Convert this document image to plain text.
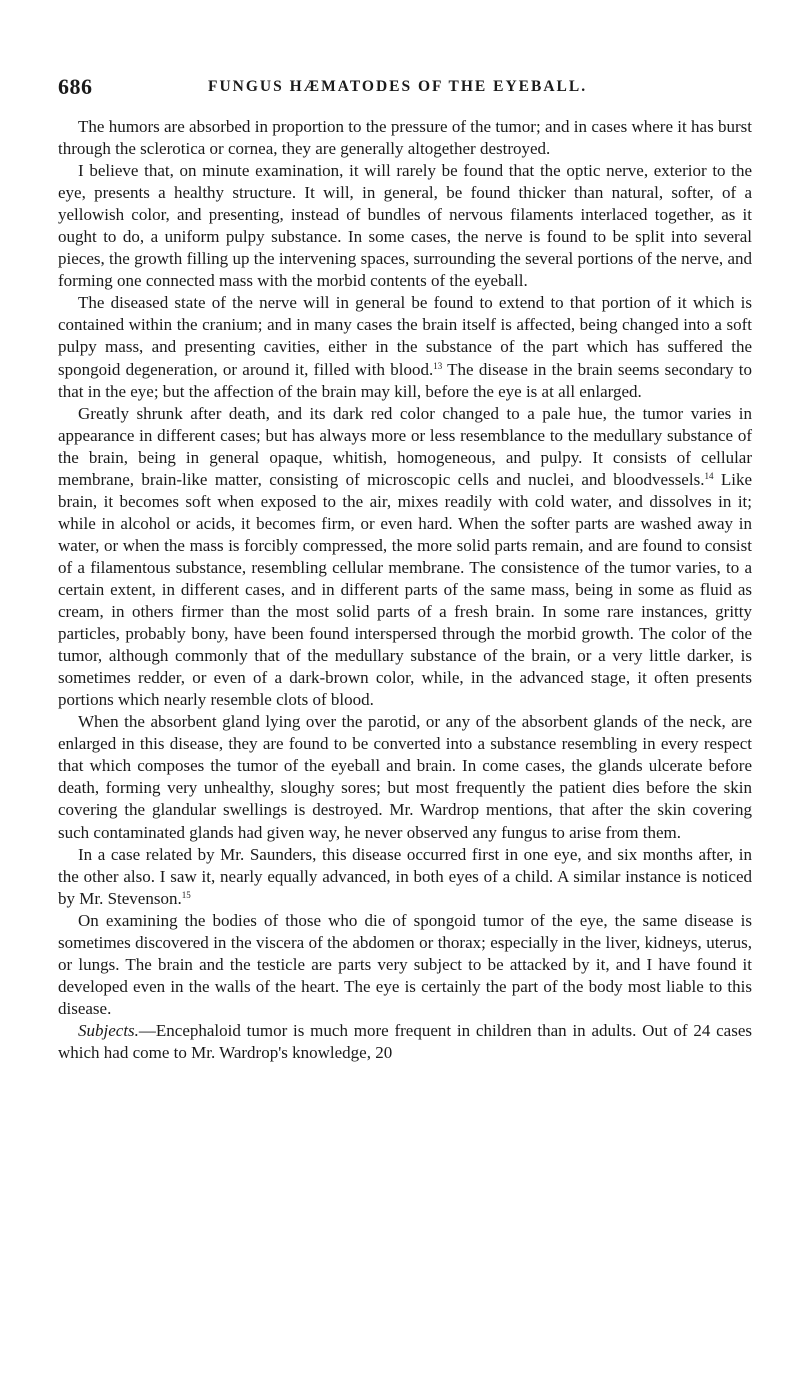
686	FUNGUS HÆMATODES OF THE EYEBALL.

The humors are absorbed in proportion to the pressure of the tumor; and in cases where it has burst through the sclerotica or cornea, they are generally altogether destroyed.

I believe that, on minute examination, it will rarely be found that the optic nerve, exterior to the eye, presents a healthy structure. It will, in general, be found thicker than natural, softer, of a yellowish color, and presenting, instead of bundles of nervous filaments interlaced together, as it ought to do, a uniform pulpy substance. In some cases, the nerve is found to be split into several pieces, the growth filling up the intervening spaces, surrounding the several portions of the nerve, and forming one connected mass with the morbid contents of the eyeball.

The diseased state of the nerve will in general be found to extend to that portion of it which is contained within the cranium; and in many cases the brain itself is affected, being changed into a soft pulpy mass, and presenting cavities, either in the substance of the part which has suffered the spongoid degeneration, or around it, filled with blood.$^{13}$ The disease in the brain seems secondary to that in the eye; but the affection of the brain may kill, before the eye is at all enlarged.

Greatly shrunk after death, and its dark red color changed to a pale hue, the tumor varies in appearance in different cases; but has always more or less resemblance to the medullary substance of the brain, being in general opaque, whitish, homogeneous, and pulpy. It consists of cellular membrane, brain-like matter, consisting of microscopic cells and nuclei, and bloodvessels.$^{14}$ Like brain, it becomes soft when exposed to the air, mixes readily with cold water, and dissolves in it; while in alcohol or acids, it becomes firm, or even hard. When the softer parts are washed away in water, or when the mass is forcibly compressed, the more solid parts remain, and are found to consist of a filamentous substance, resembling cellular membrane. The consistence of the tumor varies, to a certain extent, in different cases, and in different parts of the same mass, being in some as fluid as cream, in others firmer than the most solid parts of a fresh brain. In some rare instances, gritty particles, probably bony, have been found interspersed through the morbid growth. The color of the tumor, although commonly that of the medullary substance of the brain, or a very little darker, is sometimes redder, or even of a dark-brown color, while, in the advanced stage, it often presents portions which nearly resemble clots of blood.

When the absorbent gland lying over the parotid, or any of the absorbent glands of the neck, are enlarged in this disease, they are found to be converted into a substance resembling in every respect that which composes the tumor of the eyeball and brain. In come cases, the glands ulcerate before death, forming very unhealthy, sloughy sores; but most frequently the patient dies before the skin covering the glandular swellings is destroyed. Mr. Wardrop mentions, that after the skin covering such contaminated glands had given way, he never observed any fungus to arise from them.

In a case related by Mr. Saunders, this disease occurred first in one eye, and six months after, in the other also. I saw it, nearly equally advanced, in both eyes of a child. A similar instance is noticed by Mr. Stevenson.$^{15}$

On examining the bodies of those who die of spongoid tumor of the eye, the same disease is sometimes discovered in the viscera of the abdomen or thorax; especially in the liver, kidneys, uterus, or lungs. The brain and the testicle are parts very subject to be attacked by it, and I have found it developed even in the walls of the heart. The eye is certainly the part of the body most liable to this disease.

Subjects.—Encephaloid tumor is much more frequent in children than in adults. Out of 24 cases which had come to Mr. Wardrop's knowledge, 20
